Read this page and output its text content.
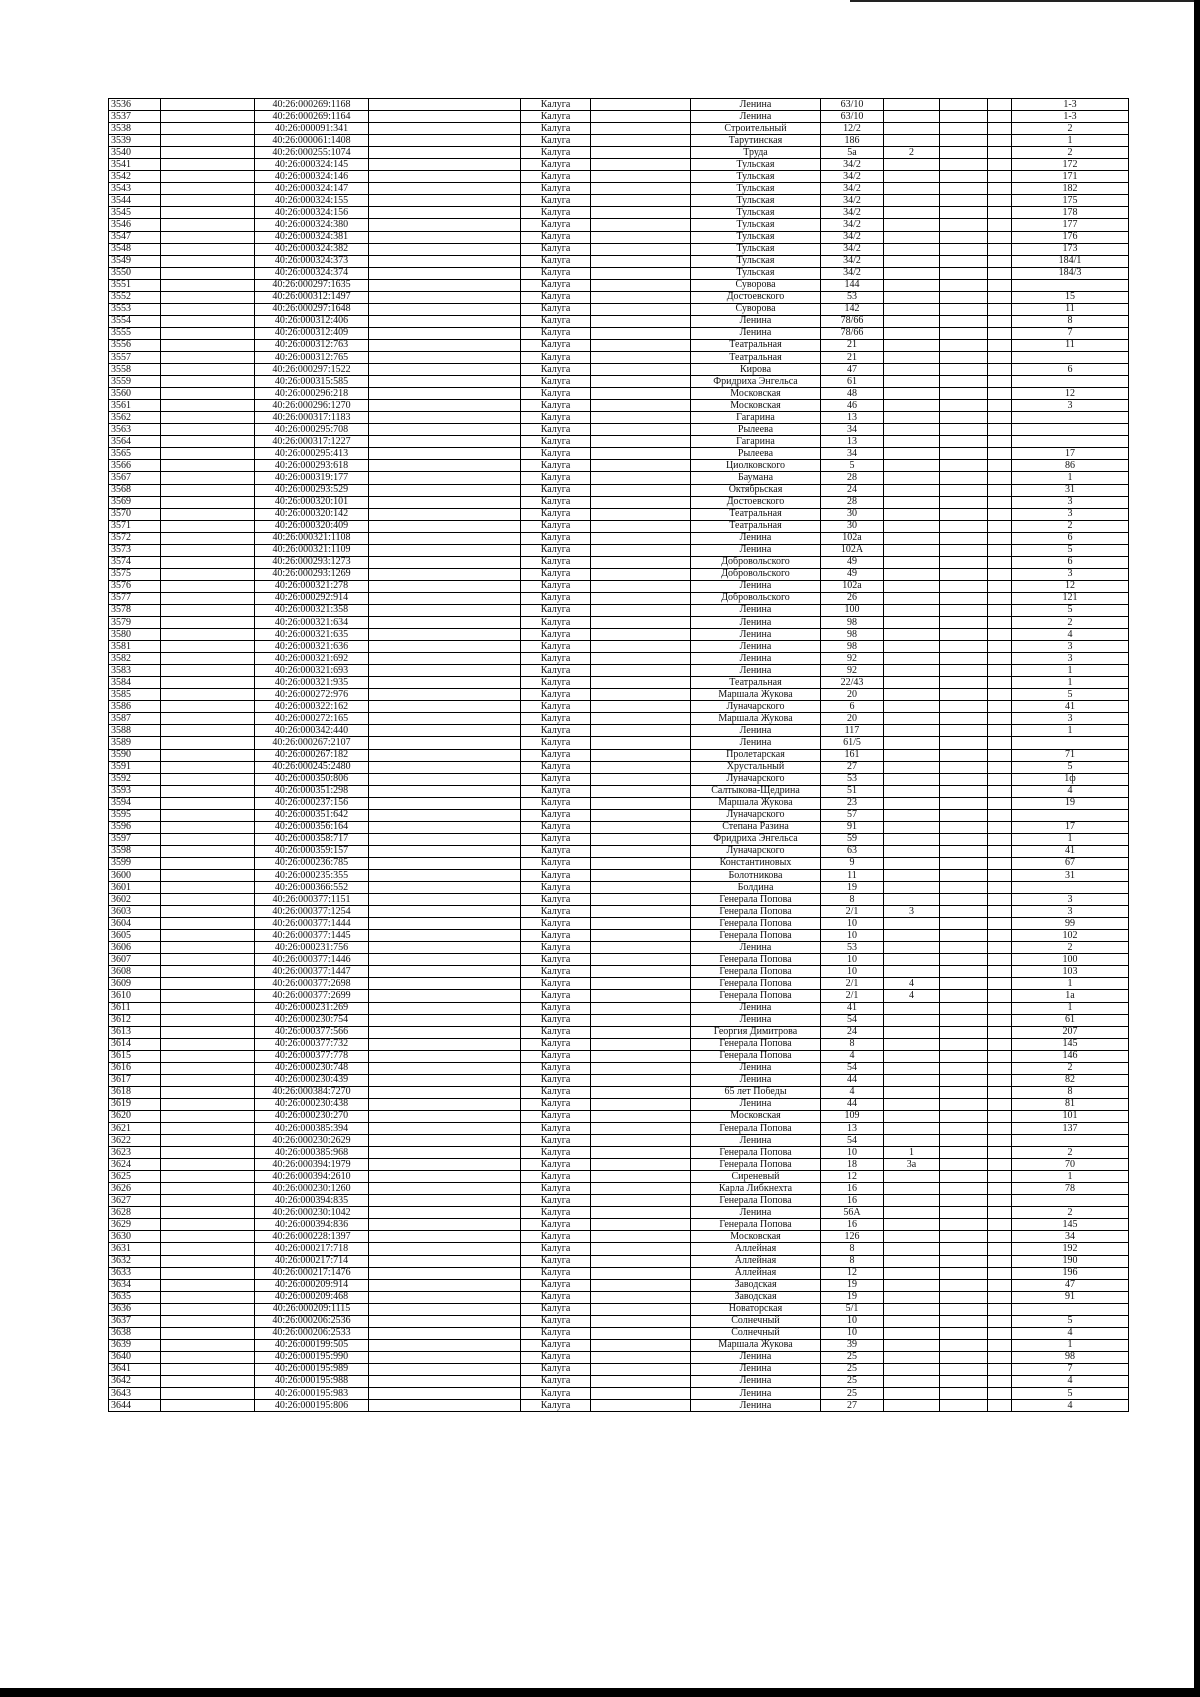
3536		40:26:000269:1168		Калуга		Ленина	63/10				1-3
3537		40:26:000269:1164		Калуга		Ленина	63/10				1-3
3538		40:26:000091:341		Калуга		Строительный	12/2				2
3539		40:26:000061:1408		Калуга		Тарутинская	186				1
3540		40:26:000255:1074		Калуга		Труда	5а	2			2
3541		40:26:000324:145		Калуга		Тульская	34/2				172
3542		40:26:000324:146		Калуга		Тульская	34/2				171
3543		40:26:000324:147		Калуга		Тульская	34/2				182
3544		40:26:000324:155		Калуга		Тульская	34/2				175
3545		40:26:000324:156		Калуга		Тульская	34/2				178
3546		40:26:000324:380		Калуга		Тульская	34/2				177
3547		40:26:000324:381		Калуга		Тульская	34/2				176
3548		40:26:000324:382		Калуга		Тульская	34/2				173
3549		40:26:000324:373		Калуга		Тульская	34/2				184/1
3550		40:26:000324:374		Калуга		Тульская	34/2				184/3
3551		40:26:000297:1635		Калуга		Суворова	144				
3552		40:26:000312:1497		Калуга		Достоевского	53				15
3553		40:26:000297:1648		Калуга		Суворова	142				11
3554		40:26:000312:406		Калуга		Ленина	78/66				8
3555		40:26:000312:409		Калуга		Ленина	78/66				7
3556		40:26:000312:763		Калуга		Театральная	21				11
3557		40:26:000312:765		Калуга		Театральная	21				
3558		40:26:000297:1522		Калуга		Кирова	47				6
3559		40:26:000315:585		Калуга		Фридриха Энгельса	61				
3560		40:26:000296:218		Калуга		Московская	48				12
3561		40:26:000296:1270		Калуга		Московская	46				3
3562		40:26:000317:1183		Калуга		Гагарина	13				
3563		40:26:000295:708		Калуга		Рылеева	34				
3564		40:26:000317:1227		Калуга		Гагарина	13				
3565		40:26:000295:413		Калуга		Рылеева	34				17
3566		40:26:000293:618		Калуга		Циолковского	5				86
3567		40:26:000319:177		Калуга		Баумана	28				1
3568		40:26:000293:529		Калуга		Октябрьская	24				31
3569		40:26:000320:101		Калуга		Достоевского	28				3
3570		40:26:000320:142		Калуга		Театральная	30				3
3571		40:26:000320:409		Калуга		Театральная	30				2
3572		40:26:000321:1108		Калуга		Ленина	102а				6
3573		40:26:000321:1109		Калуга		Ленина	102А				5
3574		40:26:000293:1273		Калуга		Добровольского	49				6
3575		40:26:000293:1269		Калуга		Добровольского	49				3
3576		40:26:000321:278		Калуга		Ленина	102а				12
3577		40:26:000292:914		Калуга		Добровольского	26				121
3578		40:26:000321:358		Калуга		Ленина	100				5
3579		40:26:000321:634		Калуга		Ленина	98				2
3580		40:26:000321:635		Калуга		Ленина	98				4
3581		40:26:000321:636		Калуга		Ленина	98				3
3582		40:26:000321:692		Калуга		Ленина	92				3
3583		40:26:000321:693		Калуга		Ленина	92				1
3584		40:26:000321:935		Калуга		Театральная	22/43				1
3585		40:26:000272:976		Калуга		Маршала Жукова	20				5
3586		40:26:000322:162		Калуга		Луначарского	6				41
3587		40:26:000272:165		Калуга		Маршала Жукова	20				3
3588		40:26:000342:440		Калуга		Ленина	117				1
3589		40:26:000267:2107		Калуга		Ленина	61/5				
3590		40:26:000267:182		Калуга		Пролетарская	161				71
3591		40:26:000245:2480		Калуга		Хрустальный	27				5
3592		40:26:000350:806		Калуга		Луначарского	53				1ф
3593		40:26:000351:298		Калуга		Салтыкова-Щедрина	51				4
3594		40:26:000237:156		Калуга		Маршала Жукова	23				19
3595		40:26:000351:642		Калуга		Луначарского	57				
3596		40:26:000356:164		Калуга		Степана Разина	91				17
3597		40:26:000358:717		Калуга		Фридриха Энгельса	59				1
3598		40:26:000359:157		Калуга		Луначарского	63				41
3599		40:26:000236:785		Калуга		Константиновых	9				67
3600		40:26:000235:355		Калуга		Болотникова	11				31
3601		40:26:000366:552		Калуга		Болдина	19				
3602		40:26:000377:1151		Калуга		Генерала Попова	8				3
3603		40:26:000377:1254		Калуга		Генерала Попова	2/1	3			3
3604		40:26:000377:1444		Калуга		Генерала Попова	10				99
3605		40:26:000377:1445		Калуга		Генерала Попова	10				102
3606		40:26:000231:756		Калуга		Ленина	53				2
3607		40:26:000377:1446		Калуга		Генерала Попова	10				100
3608		40:26:000377:1447		Калуга		Генерала Попова	10				103
3609		40:26:000377:2698		Калуга		Генерала Попова	2/1	4			1
3610		40:26:000377:2699		Калуга		Генерала Попова	2/1	4			1а
3611		40:26:000231:269		Калуга		Ленина	41				1
3612		40:26:000230:754		Калуга		Ленина	54				61
3613		40:26:000377:566		Калуга		Георгия Димитрова	24				207
3614		40:26:000377:732		Калуга		Генерала Попова	8				145
3615		40:26:000377:778		Калуга		Генерала Попова	4				146
3616		40:26:000230:748		Калуга		Ленина	54				2
3617		40:26:000230:439		Калуга		Ленина	44				82
3618		40:26:000384:7270		Калуга		65 лет Победы	4				8
3619		40:26:000230:438		Калуга		Ленина	44				81
3620		40:26:000230:270		Калуга		Московская	109				101
3621		40:26:000385:394		Калуга		Генерала Попова	13				137
3622		40:26:000230:2629		Калуга		Ленина	54				
3623		40:26:000385:968		Калуга		Генерала Попова	10	1			2
3624		40:26:000394:1979		Калуга		Генерала Попова	18	3а			70
3625		40:26:000394:2610		Калуга		Сиреневый	12				1
3626		40:26:000230:1260		Калуга		Карла Либкнехта	16				78
3627		40:26:000394:835		Калуга		Генерала Попова	16				
3628		40:26:000230:1042		Калуга		Ленина	56А				2
3629		40:26:000394:836		Калуга		Генерала Попова	16				145
3630		40:26:000228:1397		Калуга		Московская	126				34
3631		40:26:000217:718		Калуга		Аллейная	8				192
3632		40:26:000217:714		Калуга		Аллейная	8				190
3633		40:26:000217:1476		Калуга		Аллейная	12				196
3634		40:26:000209:914		Калуга		Заводская	19				47
3635		40:26:000209:468		Калуга		Заводская	19				91
3636		40:26:000209:1115		Калуга		Новаторская	5/1				
3637		40:26:000206:2536		Калуга		Солнечный	10				5
3638		40:26:000206:2533		Калуга		Солнечный	10				4
3639		40:26:000199:505		Калуга		Маршала Жукова	39				1
3640		40:26:000195:990		Калуга		Ленина	25				98
3641		40:26:000195:989		Калуга		Ленина	25				7
3642		40:26:000195:988		Калуга		Ленина	25				4
3643		40:26:000195:983		Калуга		Ленина	25				5
3644		40:26:000195:806		Калуга		Ленина	27				4
